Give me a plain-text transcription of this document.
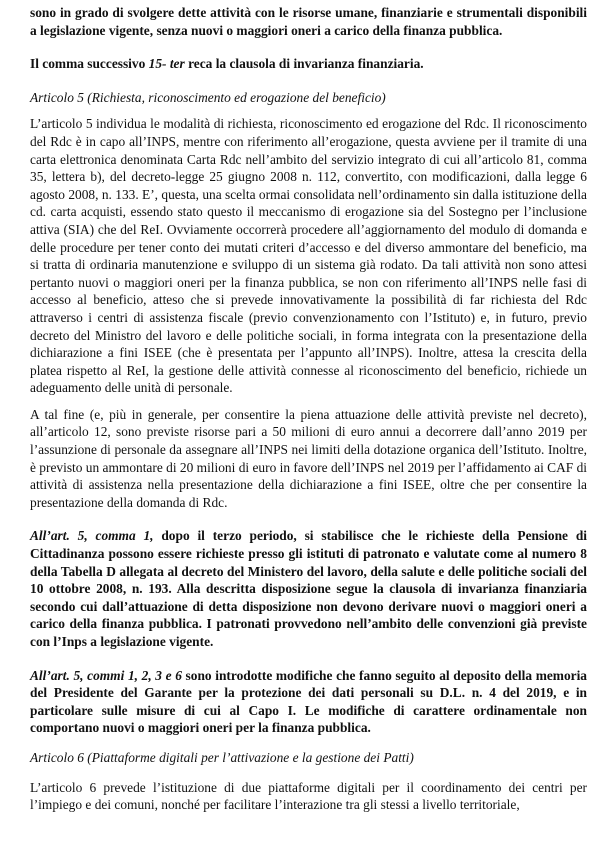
sono in grado di svolgere dette attività con le risorse umane, finanziarie e strumentali disponibili a legislazione vigente, senza nuovi o maggiori oneri a carico della finanza pubblica.

Il comma successivo 15- ter reca la clausola di invarianza finanziaria.

Articolo 5 (Richiesta, riconoscimento ed erogazione del beneficio)

L’articolo 5 individua le modalità di richiesta, riconoscimento ed erogazione del Rdc. Il riconoscimento del Rdc è in capo all’INPS, mentre con riferimento all’erogazione, questa avviene per il tramite di una carta elettronica denominata Carta Rdc nell’ambito del servizio integrato di cui all’articolo 81, comma 35, lettera b), del decreto-legge 25 giugno 2008 n. 112, convertito, con modificazioni, dalla legge 6 agosto 2008, n. 133. E’, questa, una scelta ormai consolidata nell’ordinamento sin dalla istituzione della cd. carta acquisti, essendo stato questo il meccanismo di erogazione sia del Sostegno per l’inclusione attiva (SIA) che del ReI. Ovviamente occorrerà procedere all’aggiornamento del modulo di domanda e delle procedure per tener conto dei mutati criteri d’accesso e del diverso ammontare del beneficio, ma si tratta di ordinaria manutenzione e sviluppo di un sistema già rodato. Da tali attività non sono attesi pertanto nuovi o maggiori oneri per la finanza pubblica, se non con riferimento all’INPS nelle fasi di accesso al beneficio, atteso che si prevede innovativamente la possibilità di far richiesta del Rdc attraverso i centri di assistenza fiscale (previo convenzionamento con l’Istituto) e, in futuro, previo decreto del Ministro del lavoro e delle politiche sociali, in forma integrata con la presentazione della dichiarazione a fini ISEE (che è presentata per l’appunto all’INPS). Inoltre, attesa la crescita della platea rispetto al ReI, la gestione delle attività connesse al riconoscimento del beneficio, richiede un adeguamento delle unità di personale.

A tal fine (e, più in generale, per consentire la piena attuazione delle attività previste nel decreto), all’articolo 12, sono previste risorse pari a 50 milioni di euro annui a decorrere dall’anno 2019 per l’assunzione di personale da assegnare all’INPS nei limiti della dotazione organica dell’Istituto. Inoltre, è previsto un ammontare di 20 milioni di euro in favore dell’INPS nel 2019 per l’affidamento ai CAF di attività di assistenza nella presentazione della dichiarazione a fini ISEE, oltre che per consentire la presentazione della domanda di Rdc.

All’art. 5, comma 1, dopo il terzo periodo, si stabilisce che le richieste della Pensione di Cittadinanza possono essere richieste presso gli istituti di patronato e valutate come al numero 8 della Tabella D allegata al decreto del Ministero del lavoro, della salute e delle politiche sociali del 10 ottobre 2008, n. 193. Alla descritta disposizione segue la clausola di invarianza finanziaria secondo cui dall’attuazione di detta disposizione non devono derivare nuovi o maggiori oneri a carico della finanza pubblica. I patronati provvedono nell’ambito delle convenzioni già previste con l’Inps a legislazione vigente.

All’art. 5, commi 1, 2, 3 e 6 sono introdotte modifiche che fanno seguito al deposito della memoria del Presidente del Garante per la protezione dei dati personali su D.L. n. 4 del 2019, e in particolare sulle misure di cui al Capo I. Le modifiche di carattere ordinamentale non comportano nuovi o maggiori oneri per la finanza pubblica.

Articolo 6 (Piattaforme digitali per l’attivazione e la gestione dei Patti)

L’articolo 6 prevede l’istituzione di due piattaforme digitali per il coordinamento dei centri per l’impiego e dei comuni, nonché per facilitare l’interazione tra gli stessi a livello territoriale,
